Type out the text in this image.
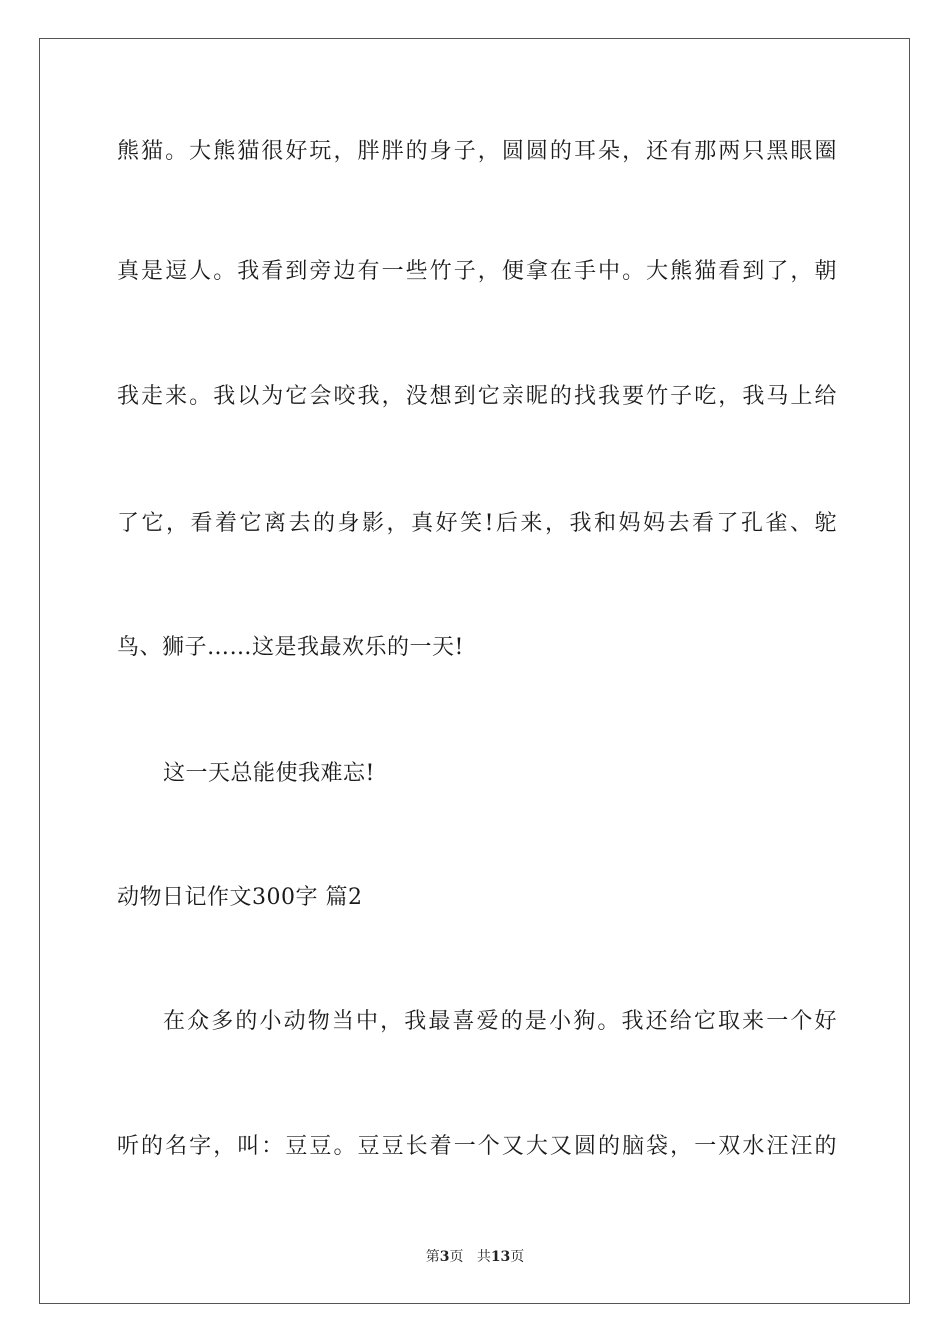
熊猫。大熊猫很好玩，胖胖的身子，圆圆的耳朵，还有那两只黑眼圈
真是逗人。我看到旁边有一些竹子，便拿在手中。大熊猫看到了，朝
我走来。我以为它会咬我，没想到它亲昵的找我要竹子吃，我马上给
了它，看着它离去的身影，真好笑!后来，我和妈妈去看了孔雀、鸵
鸟、狮子……这是我最欢乐的一天!
这一天总能使我难忘!
动物日记作文300字 篇2
在众多的小动物当中，我最喜爱的是小狗。我还给它取来一个好
听的名字，叫：豆豆。豆豆长着一个又大又圆的脑袋，一双水汪汪的
第3页 共13页
